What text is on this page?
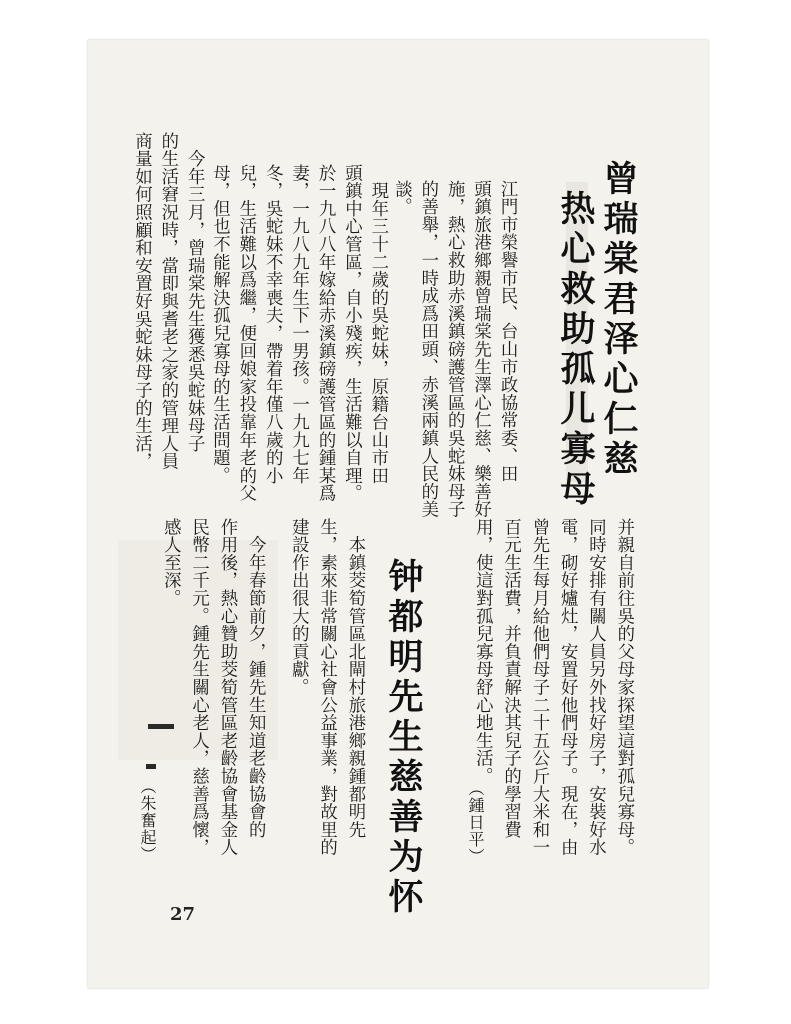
曾瑞棠君泽心仁慈
热心救助孤儿寡母
江門市榮譽市民、台山市政協常委、田
頭鎮旅港鄉親曾瑞棠先生澤心仁慈、樂善好
施，熱心救助赤溪鎮磅護管區的吳蛇妹母子
的善舉，一時成爲田頭、赤溪兩鎮人民的美
談。
　現年三十二歲的吳蛇妹，原籍台山市田
頭鎮中心管區，自小殘疾，生活難以自理。
於一九八八年嫁給赤溪鎮磅護管區的鍾某爲
妻，一九八九年生下一男孩。一九九七年
冬，吳蛇妹不幸喪夫，帶着年僅八歲的小
兒，生活難以爲繼，便回娘家投靠年老的父
母，但也不能解決孤兒寡母的生活問題。
　今年三月，曾瑞棠先生獲悉吳蛇妹母子
的生活窘況時，當即與耆老之家的管理人員
商量如何照顧和安置好吳蛇妹母子的生活，
并親自前往吳的父母家探望這對孤兒寡母。
同時安排有關人員另外找好房子，安裝好水
電，砌好爐灶，安置好他們母子。現在，由
曾先生每月給他們母子二十五公斤大米和一
百元生活費，并負責解決其兒子的學習費
用，使這對孤兒寡母舒心地生活。
（鍾日平）
钟都明先生慈善为怀
　本鎮茭筍管區北閘村旅港鄉親鍾都明先
生，素來非常關心社會公益事業，對故里的
建設作出很大的貢獻。
　今年春節前夕，鍾先生知道老齡協會的
作用後，熱心贊助茭筍管區老齡協會基金人
民幣二千元。鍾先生關心老人，慈善爲懷，
感人至深。
（朱奮起）
27
